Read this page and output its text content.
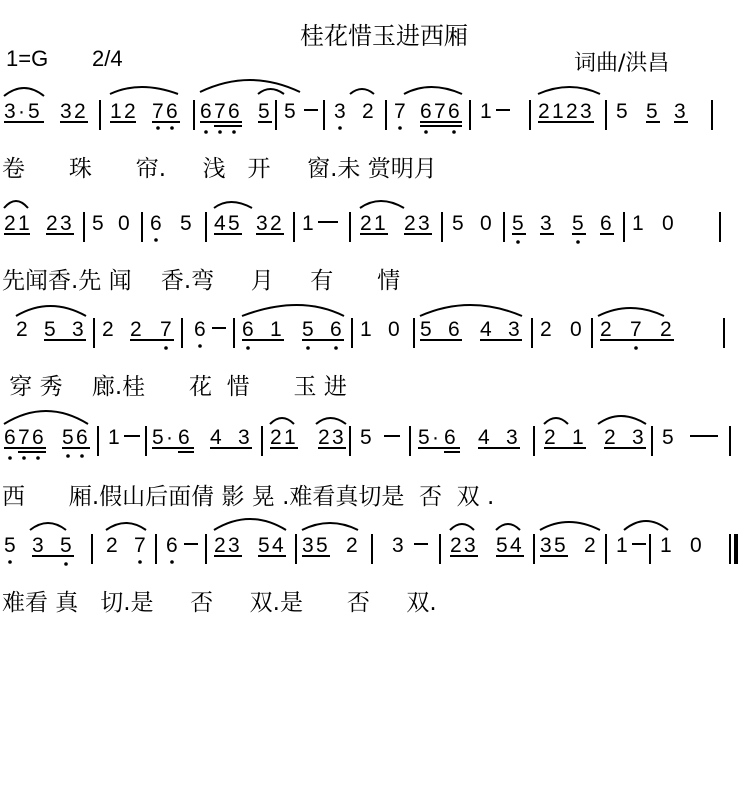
桂花惜玉进西厢
1=G 2/4	词曲/洪昌
3 · 5 3 2 1 2 7 6 6 7 6 5 5 3 2 7 6 7 6 1 2 1 2 3 5 5 3
卷      珠      帘.     浅   开     窗.未 赏明月
2 1 2 3 5 0 6 5 4 5 3 2 1 2 1 2 3 5 0 5 3 5 6 1 0
先闻香.先 闻    香.弯     月     有      情
2 5 3 2 2 7 6 6 1 5 6 1 0 5 6 4 3 2 0 2 7 2
穿 秀    廊.桂      花  惜      玉 进
6 7 6 5 6 1 5 · 6 4 3 2 1 2 3 5 5 · 6 4 3 2 1 2 3 5
西      厢.假山后面倩 影 晃 .难看真切是  否  双 .
5 3 5 2 7 6 2 3 5 4 3 5 2 3 2 3 5 4 3 5 2 1 1 0
难看 真   切.是     否     双.是      否     双.
